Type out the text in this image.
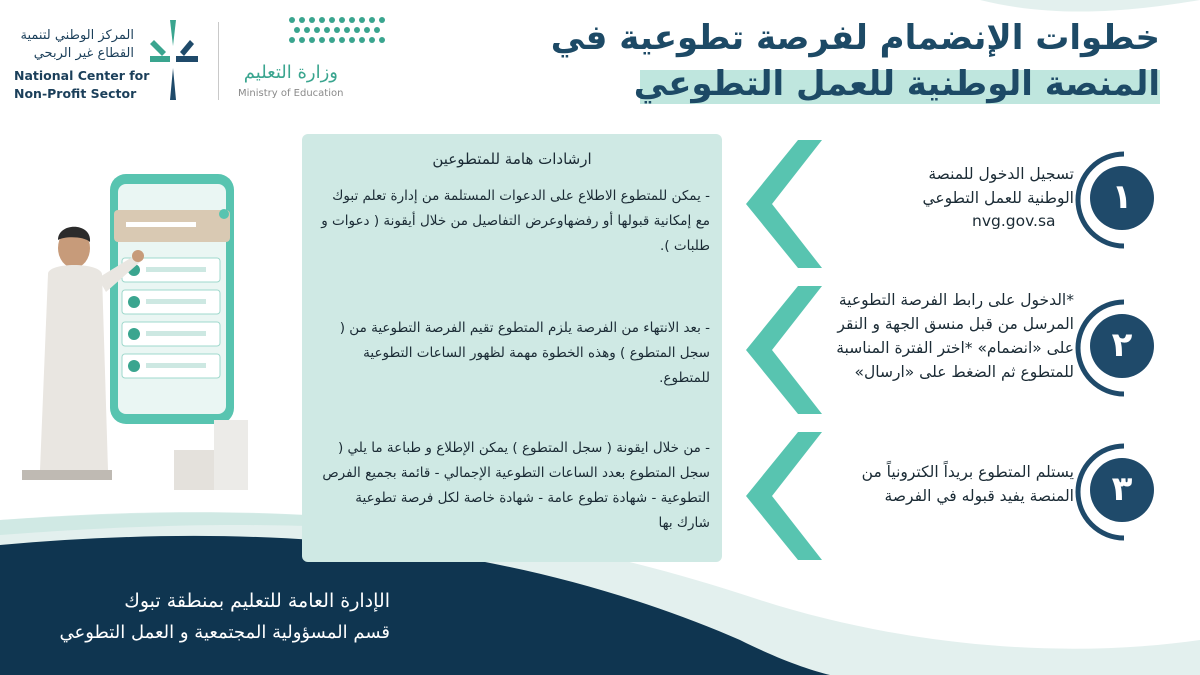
المركز الوطني لتنمية
القطاع غير الربحي
National Center for
Non-Profit Sector
وزارة التعليم
Ministry of Education
خطوات الإنضمام لفرصة تطوعية في
المنصة الوطنية للعمل التطوعي
ارشادات هامة للمتطوعين
- يمكن للمتطوع الاطلاع على الدعوات المستلمة من إدارة تعلم تبوك مع إمكانية قبولها أو رفضهاوعرض التفاصيل من خلال أيقونة ( دعوات و طلبات ).
- بعد الانتهاء من الفرصة يلزم المتطوع تقيم الفرصة التطوعية من ( سجل المتطوع ) وهذه الخطوة مهمة لظهور الساعات التطوعية للمتطوع.
- من خلال ايقونة ( سجل المتطوع ) يمكن الإطلاع و طباعة ما يلي ( سجل المتطوع بعدد الساعات التطوعية الإجمالي - قائمة بجميع الفرص التطوعية - شهادة تطوع عامة - شهادة خاصة لكل فرصة تطوعية شارك بها
تسجيل الدخول للمنصة الوطنية للعمل التطوعي
nvg.gov.sa
١
*الدخول على رابط الفرصة التطوعية المرسل من قبل منسق الجهة و النقر على «انضمام» *اختر الفترة المناسبة للمتطوع ثم الضغط على «ارسال»
٢
يستلم المتطوع بريداً الكترونياً من المنصة يفيد قبوله في الفرصة	٣
الإدارة العامة للتعليم بمنطقة تبوك
قسم المسؤولية المجتمعية و العمل التطوعي
